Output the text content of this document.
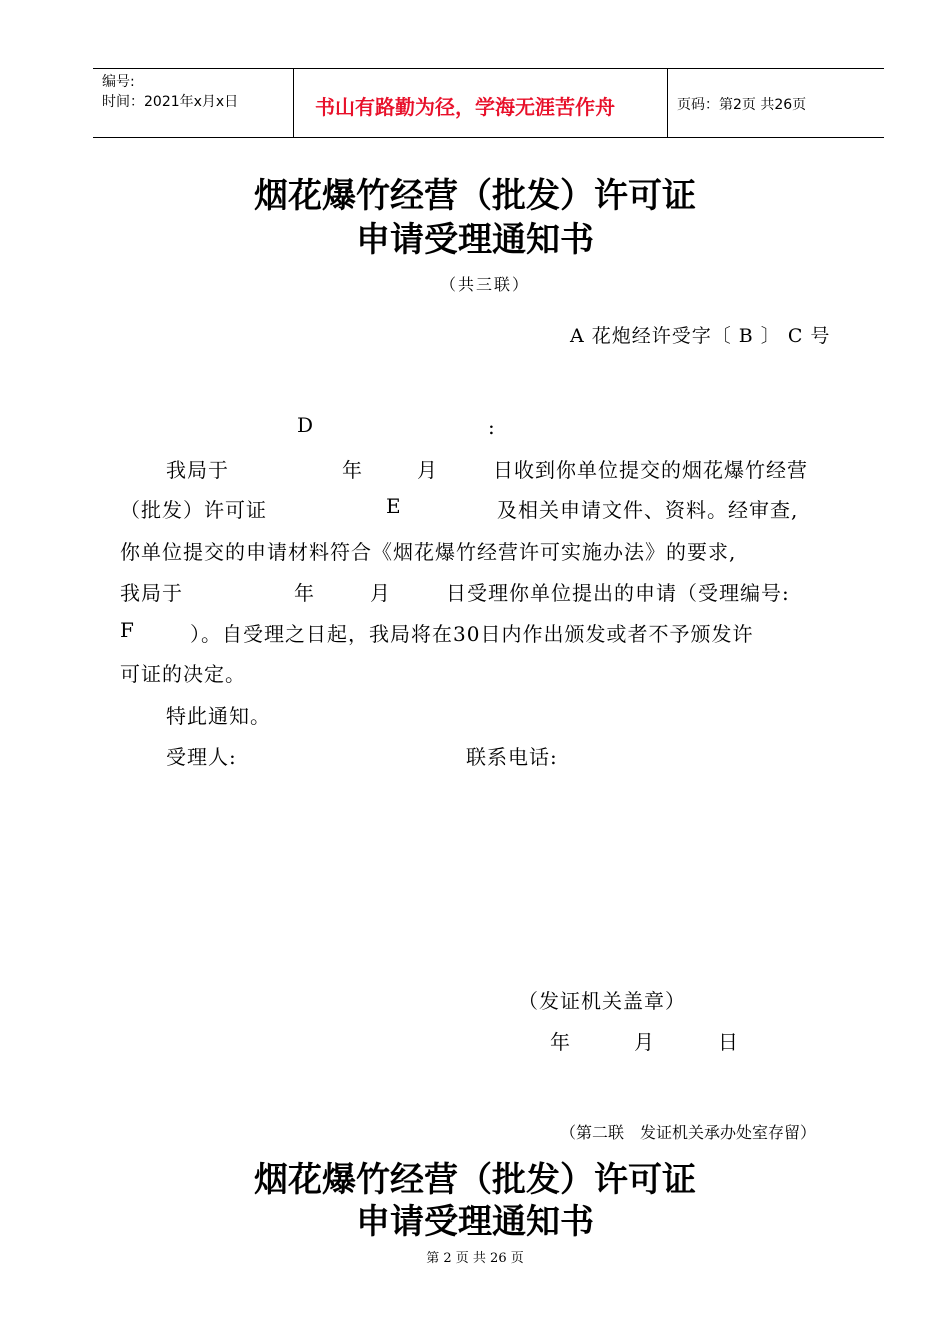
编号:
时间：2021年x月x日	书山有路勤为径，学海无涯苦作舟	页码：第2页 共26页
烟花爆竹经营（批发）许可证
申请受理通知书
（共三联）
A 花炮经许受字〔 B 〕 C 号
D	:
我局于	年	月	日收到你单位提交的烟花爆竹经营
（批发）许可证	E	及相关申请文件、资料。经审查,
你单位提交的申请材料符合《烟花爆竹经营许可实施办法》的要求,
我局于	年	月	日受理你单位提出的申请（受理编号:
F	）。自受理之日起，我局将在30日内作出颁发或者不予颁发许
可证的决定。
特此通知。
受理人:	联系电话:
（发证机关盖章）
年	月	日
（第二联　发证机关承办处室存留）
烟花爆竹经营（批发）许可证
申请受理通知书
第 2 页 共 26 页
